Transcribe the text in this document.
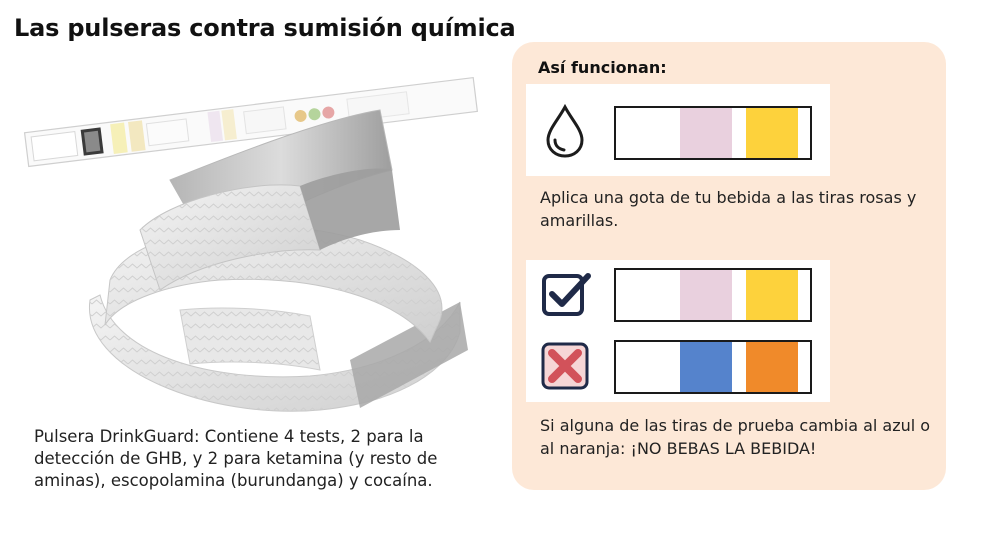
Las pulseras contra sumisión química
Pulsera DrinkGuard: Contiene 4 tests, 2 para la detección de GHB, y 2 para ketamina (y resto de aminas), escopolamina (burundanga) y cocaína.
Así funcionan:
Aplica una gota de tu bebida a las tiras rosas y amarillas.
Si alguna de las tiras de prueba cambia al azul o al naranja: ¡NO BEBAS LA BEBIDA!
